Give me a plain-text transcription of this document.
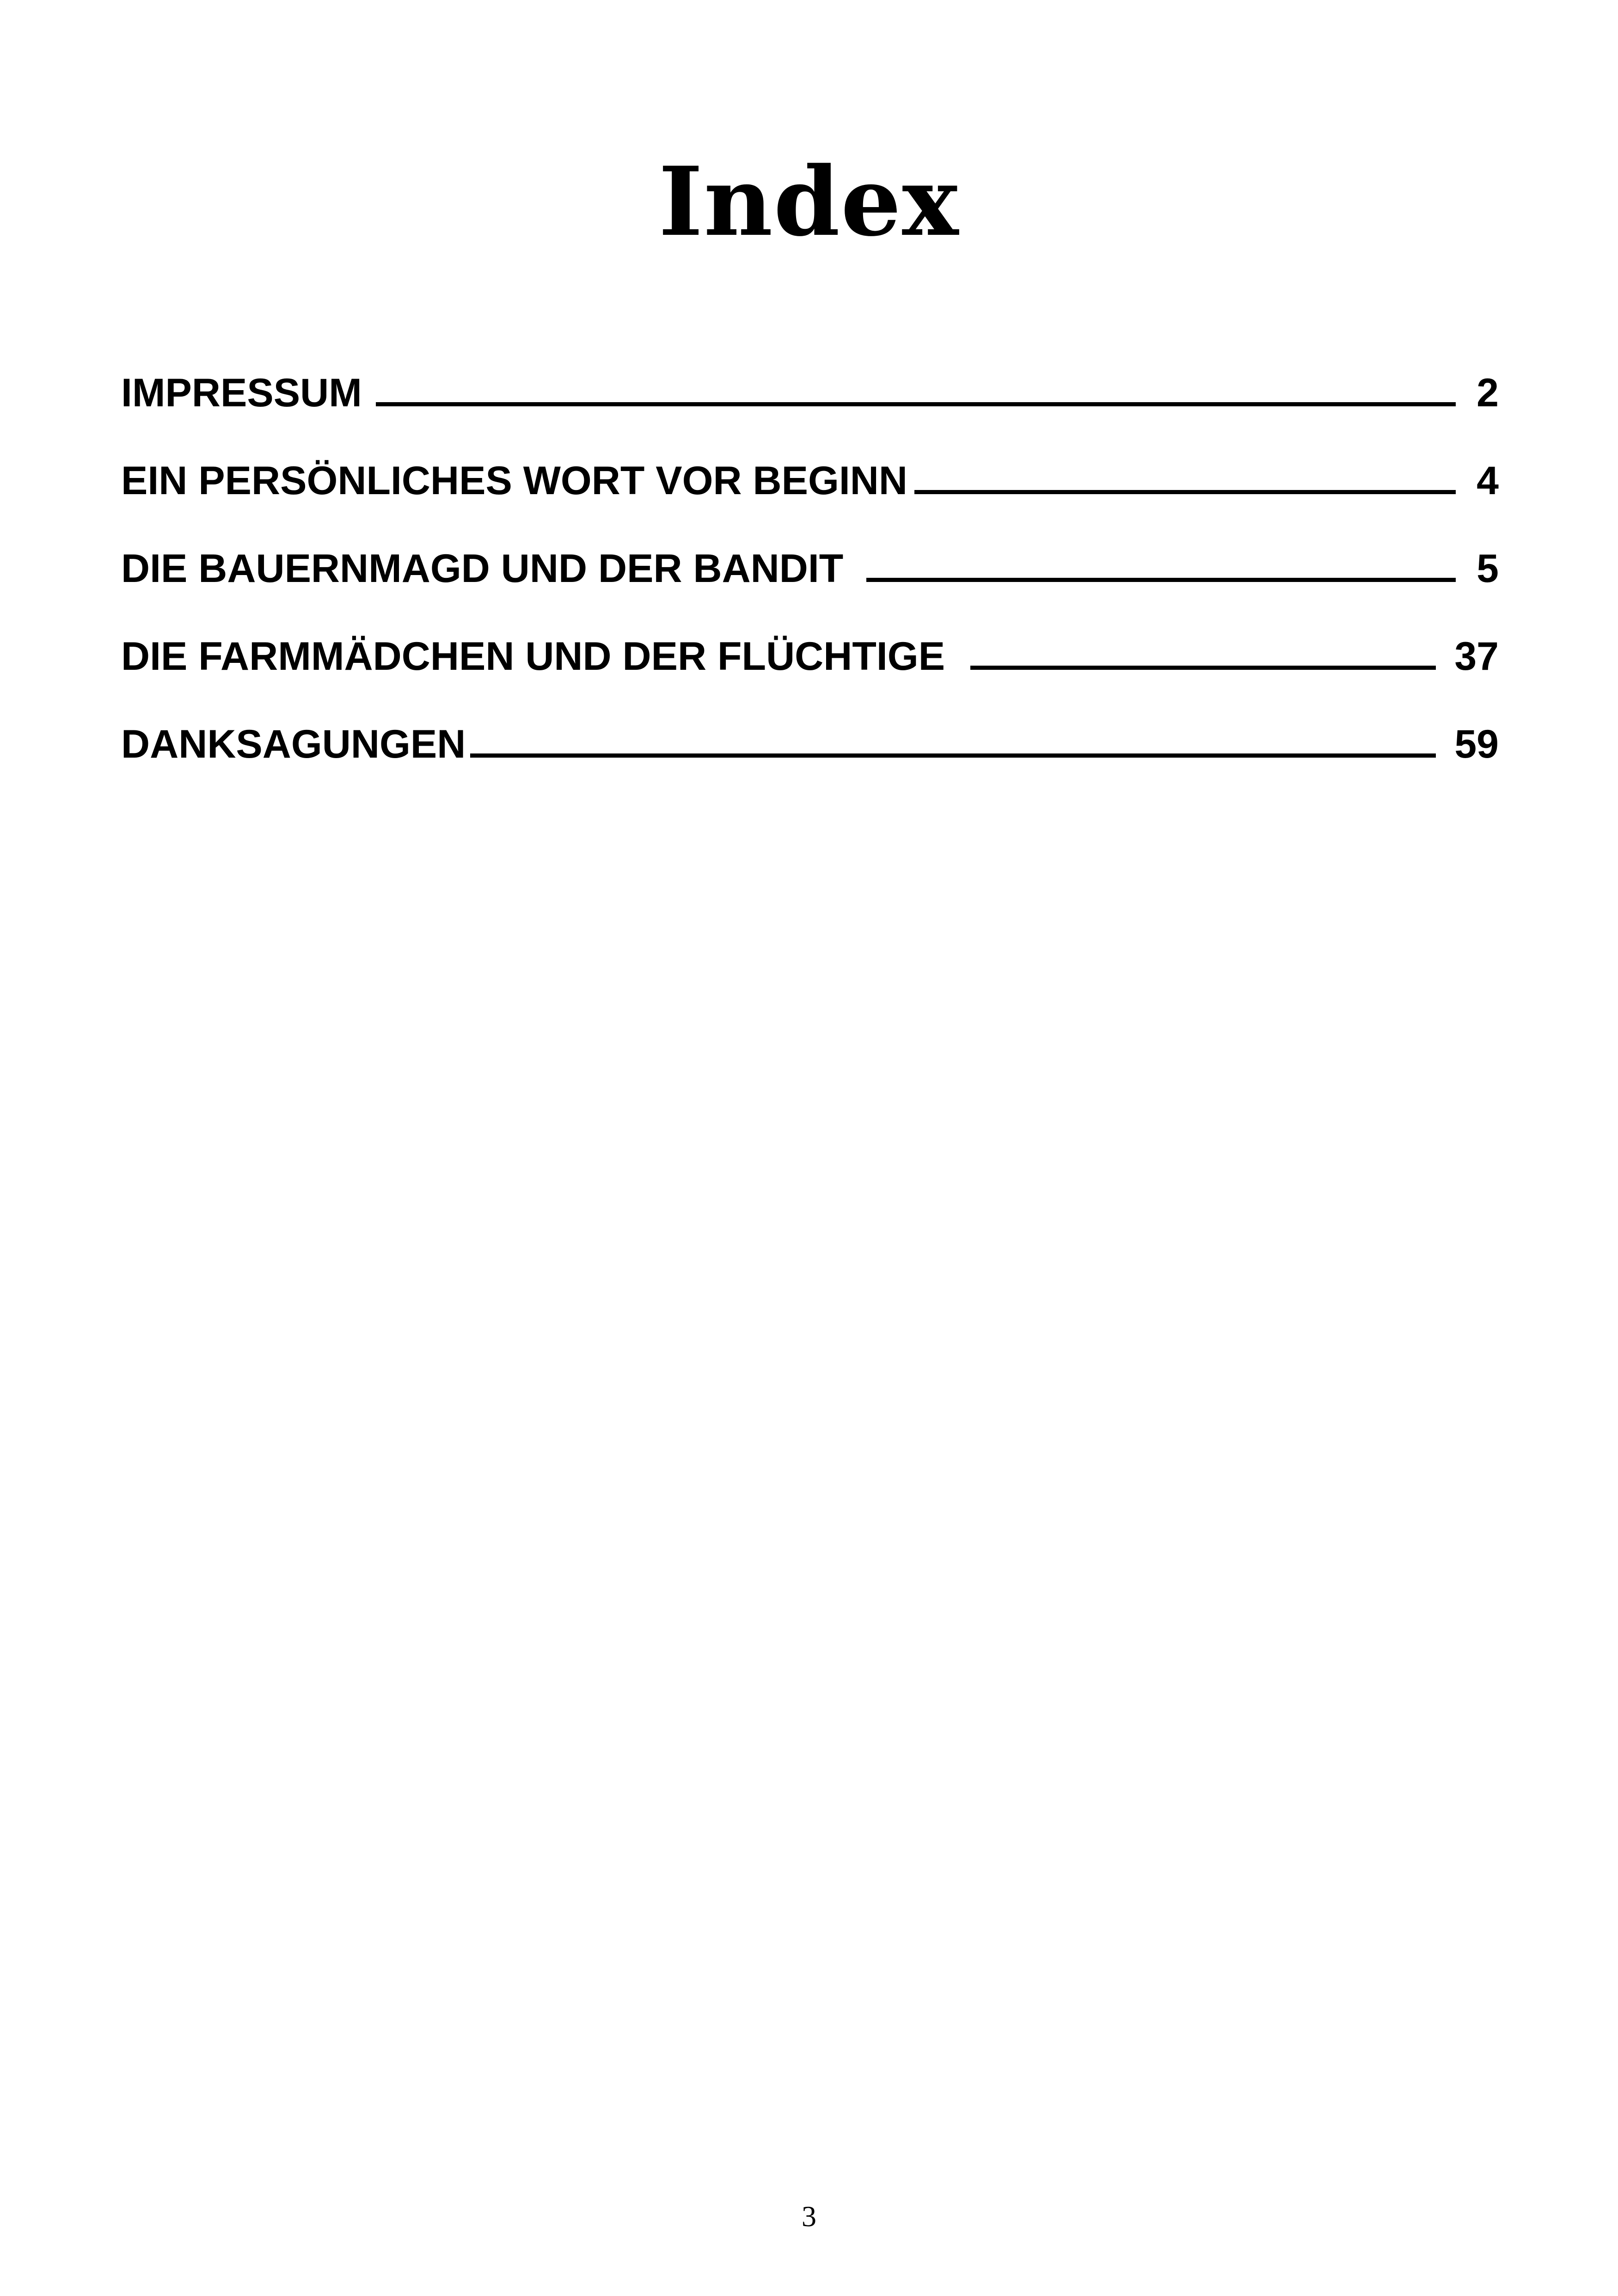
Index
IMPRESSUM	2
EIN PERSÖNLICHES WORT VOR BEGINN	4
DIE BAUERNMAGD UND DER BANDIT	5
DIE FARMMÄDCHEN UND DER FLÜCHTIGE	37
DANKSAGUNGEN	59
3
